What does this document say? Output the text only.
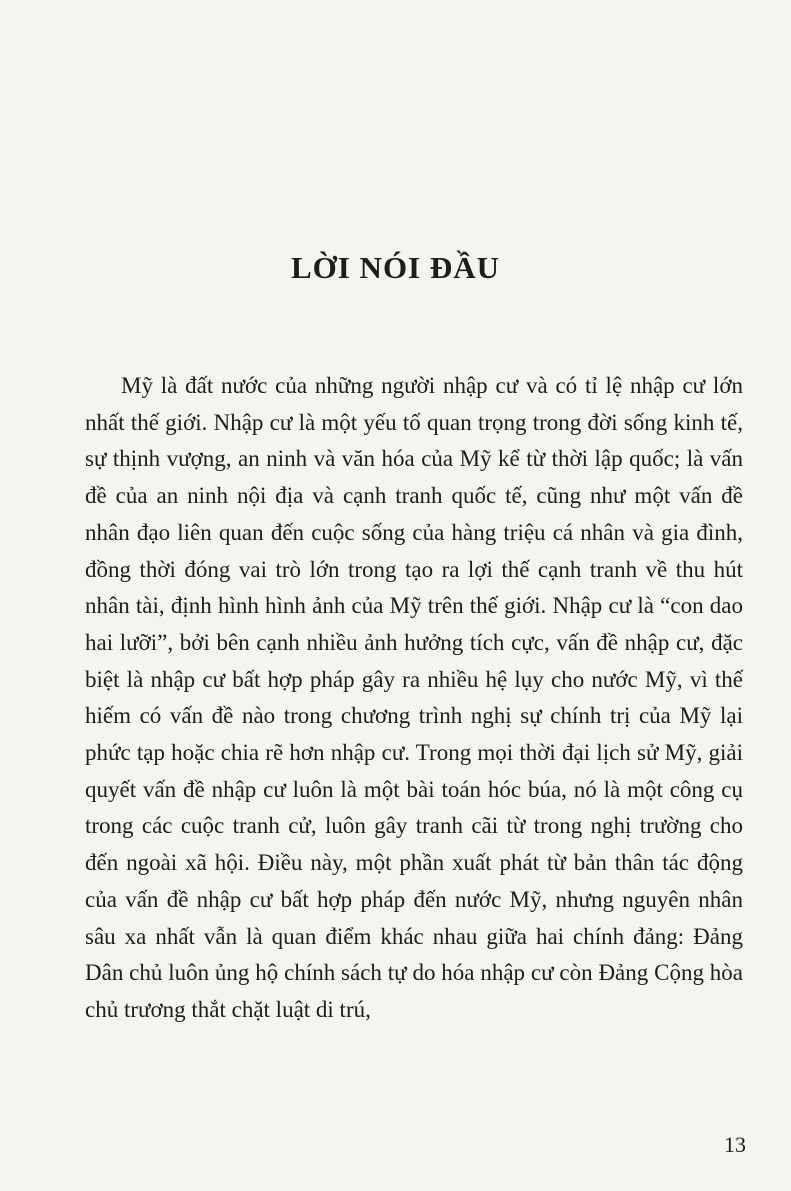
LỜI NÓI ĐẦU

Mỹ là đất nước của những người nhập cư và có tỉ lệ nhập cư lớn nhất thế giới. Nhập cư là một yếu tố quan trọng trong đời sống kinh tế, sự thịnh vượng, an ninh và văn hóa của Mỹ kể từ thời lập quốc; là vấn đề của an ninh nội địa và cạnh tranh quốc tế, cũng như một vấn đề nhân đạo liên quan đến cuộc sống của hàng triệu cá nhân và gia đình, đồng thời đóng vai trò lớn trong tạo ra lợi thế cạnh tranh về thu hút nhân tài, định hình hình ảnh của Mỹ trên thế giới. Nhập cư là “con dao hai lưỡi”, bởi bên cạnh nhiều ảnh hưởng tích cực, vấn đề nhập cư, đặc biệt là nhập cư bất hợp pháp gây ra nhiều hệ lụy cho nước Mỹ, vì thế hiếm có vấn đề nào trong chương trình nghị sự chính trị của Mỹ lại phức tạp hoặc chia rẽ hơn nhập cư. Trong mọi thời đại lịch sử Mỹ, giải quyết vấn đề nhập cư luôn là một bài toán hóc búa, nó là một công cụ trong các cuộc tranh cử, luôn gây tranh cãi từ trong nghị trường cho đến ngoài xã hội. Điều này, một phần xuất phát từ bản thân tác động của vấn đề nhập cư bất hợp pháp đến nước Mỹ, nhưng nguyên nhân sâu xa nhất vẫn là quan điểm khác nhau giữa hai chính đảng: Đảng Dân chủ luôn ủng hộ chính sách tự do hóa nhập cư còn Đảng Cộng hòa chủ trương thắt chặt luật di trú,

13
